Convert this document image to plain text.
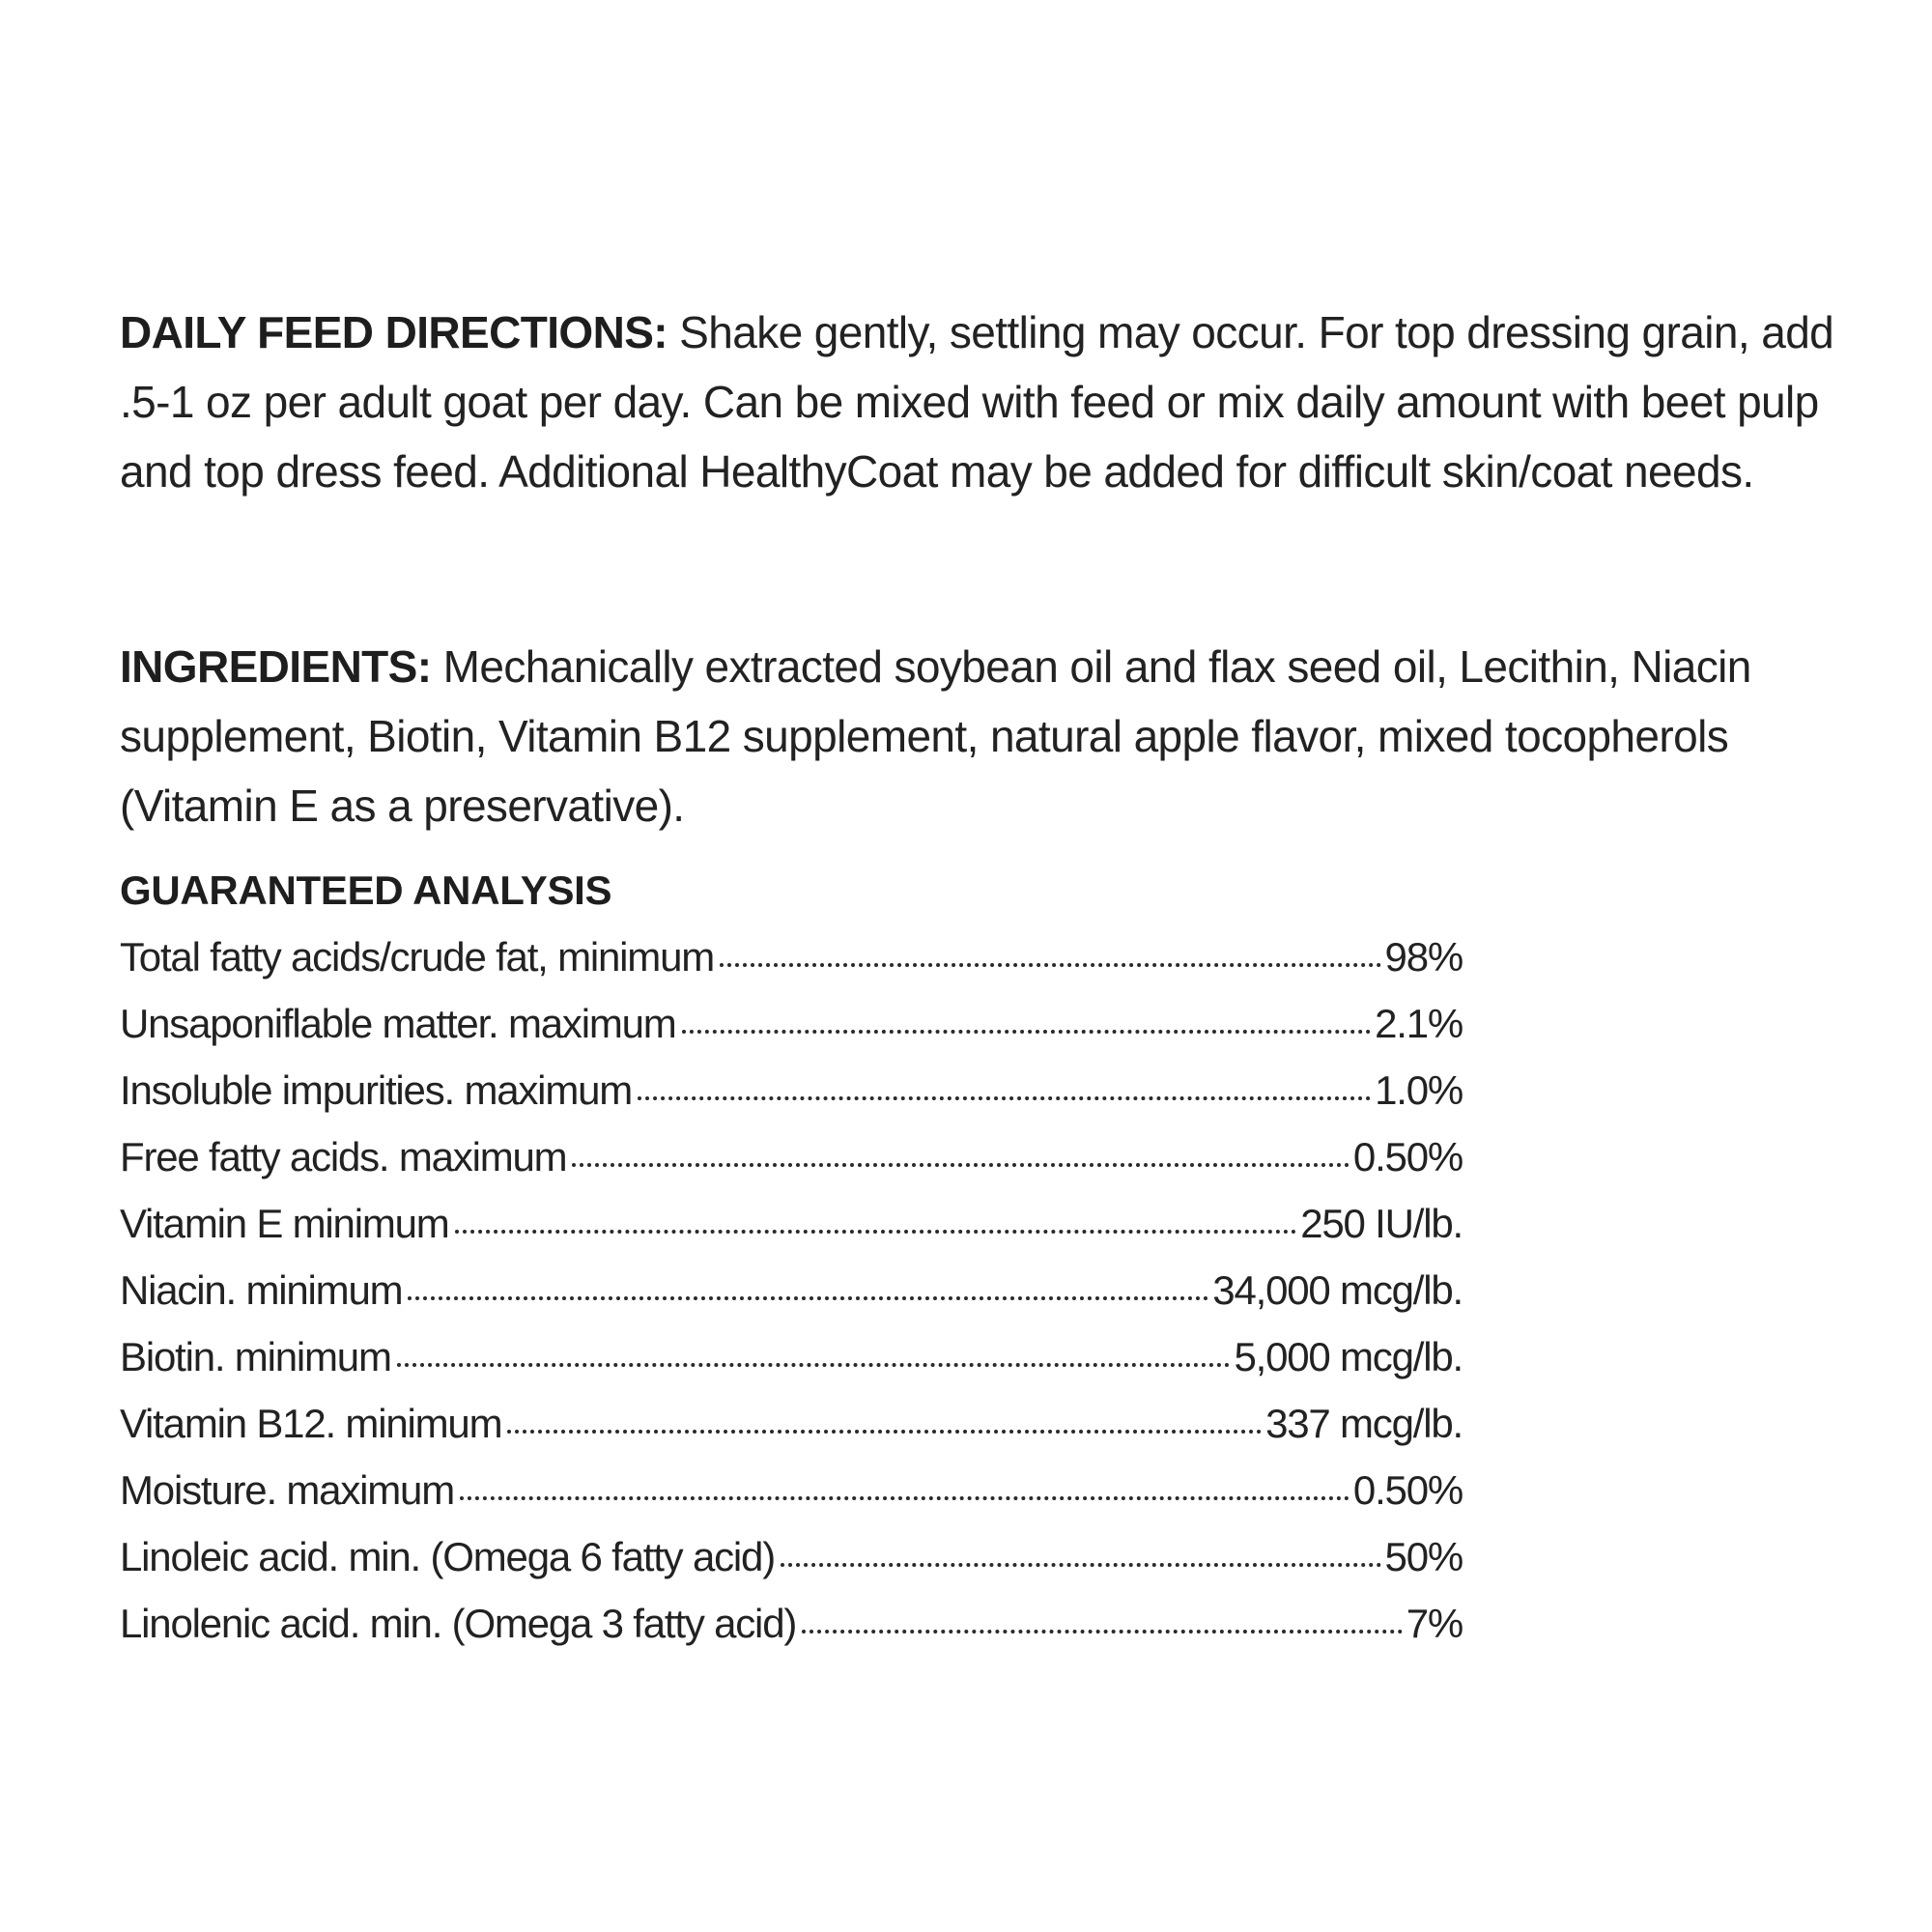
DAILY FEED DIRECTIONS: Shake gently, settling may occur. For top dressing grain, add .5-1 oz per adult goat per day. Can be mixed with feed or mix daily amount with beet pulp and top dress feed. Additional HealthyCoat may be added for difficult skin/coat needs.

INGREDIENTS: Mechanically extracted soybean oil and flax seed oil, Lecithin, Niacin supplement, Biotin, Vitamin B12 supplement, natural apple flavor, mixed tocopherols (Vitamin E as a preservative).

GUARANTEED ANALYSIS
Total fatty acids/crude fat, minimum	98%
Unsaponiflable matter. maximum	2.1%
Insoluble impurities. maximum	1.0%
Free fatty acids. maximum	0.50%
Vitamin E minimum	250 IU/lb.
Niacin. minimum	34,000 mcg/lb.
Biotin. minimum	5,000 mcg/lb.
Vitamin B12. minimum	337 mcg/lb.
Moisture. maximum	0.50%
Linoleic acid. min. (Omega 6 fatty acid)	50%
Linolenic acid. min. (Omega 3 fatty acid)	7%
